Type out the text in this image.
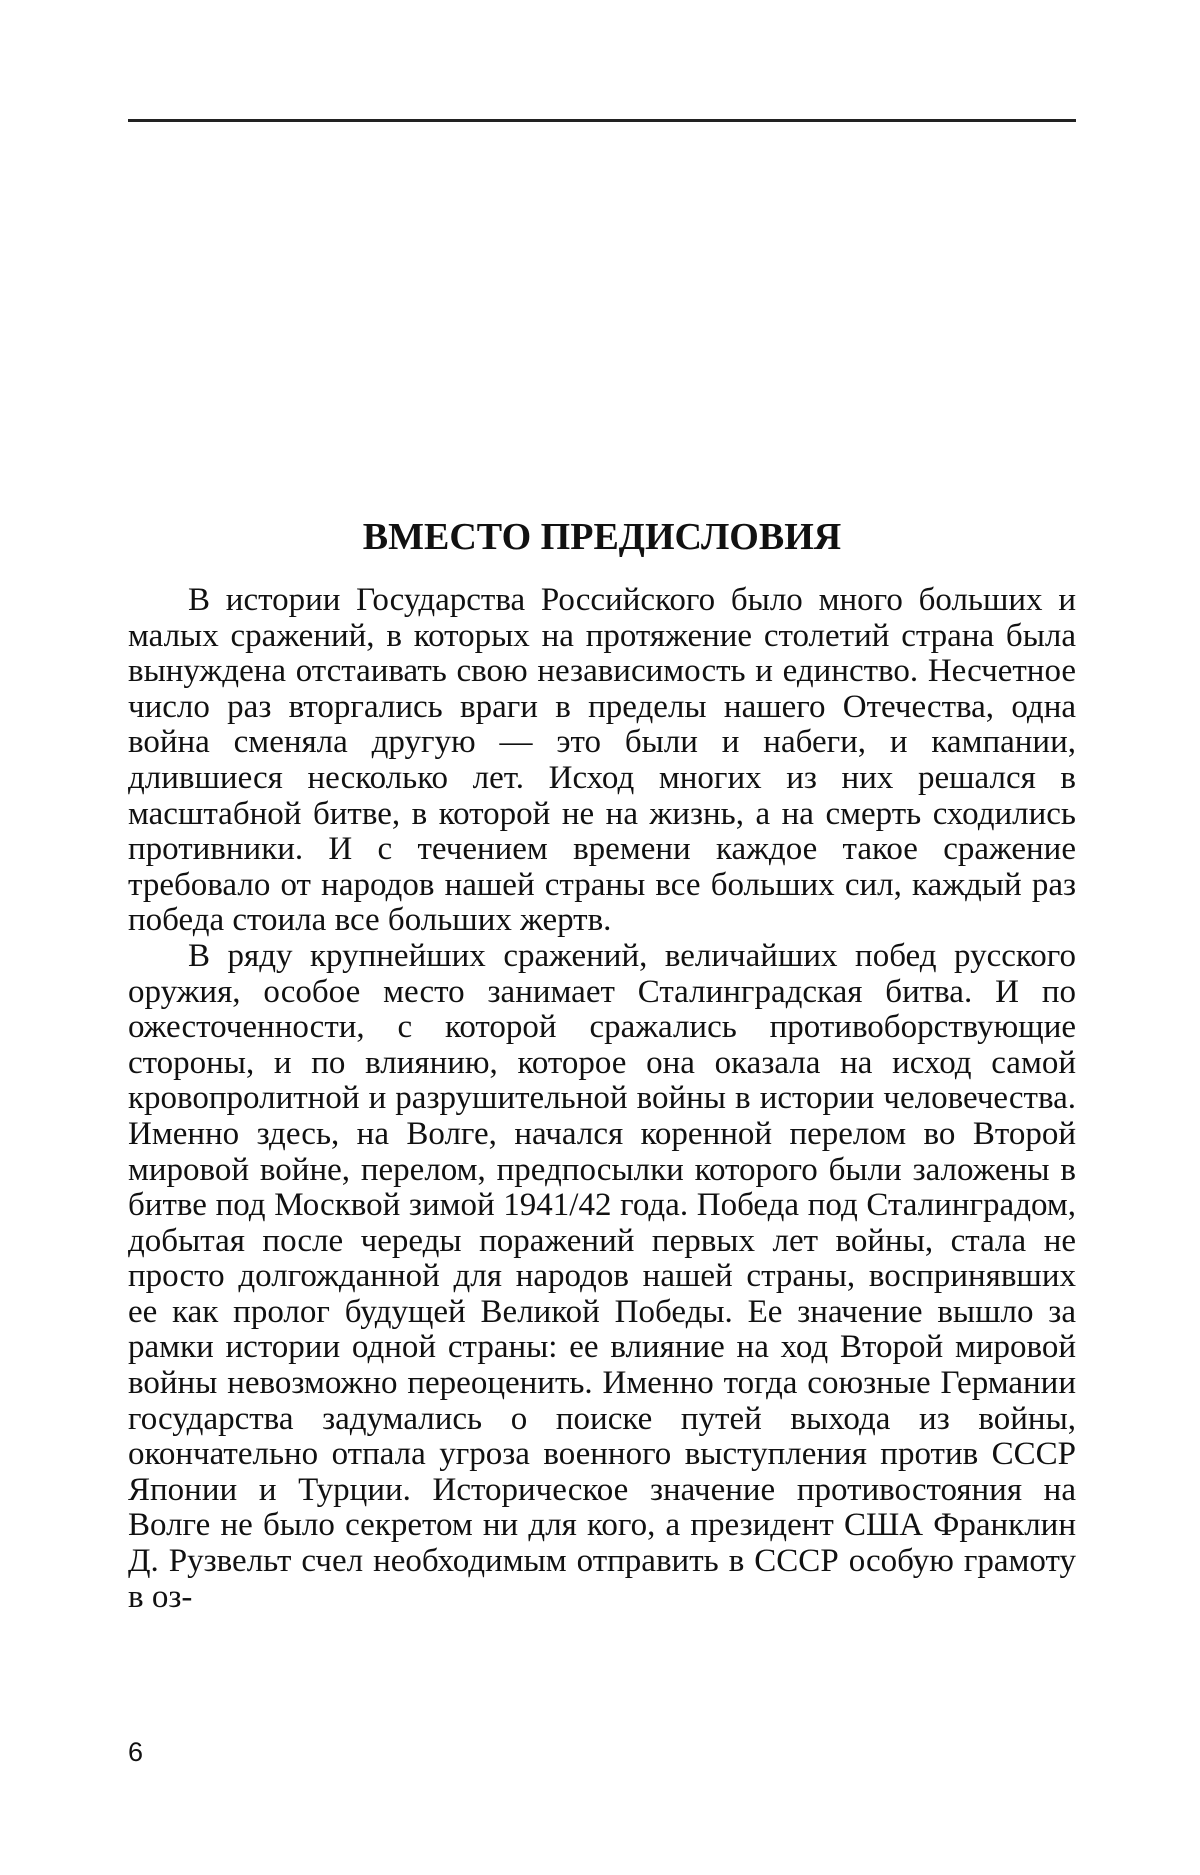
ВМЕСТО ПРЕДИСЛОВИЯ

В истории Государства Российского было много боль­ших и малых сражений, в которых на протяжение столетий страна была вынуждена отстаивать свою независимость и единство. Несчетное число раз вторгались враги в пределы нашего Отечества, одна война сменяла другую — это бы­ли и набеги, и кампании, длившиеся несколько лет. Исход многих из них решался в масштабной битве, в которой не на жизнь, а на смерть сходились противники. И с течением времени каждое такое сражение требовало от народов на­шей страны все больших сил, каждый раз победа стоила все больших жертв.

В ряду крупнейших сражений, величайших побед рус­ского оружия, особое место занимает Сталинградская бит­ва. И по ожесточенности, с которой сражались противо­борствующие стороны, и по влиянию, которое она оказала на исход самой кровопролитной и разрушительной войны в истории человечества. Именно здесь, на Волге, начался ко­ренной перелом во Второй мировой войне, перелом, пред­посылки которого были заложены в битве под Москвой зимой 1941/42 года. Победа под Сталинградом, добытая после череды поражений первых лет войны, стала не прос­то долгожданной для народов нашей страны, восприняв­ших ее как пролог будущей Великой Победы. Ее значение вышло за рамки истории одной страны: ее влияние на ход Второй мировой войны невозможно переоценить. Именно тогда союзные Германии государства задумались о поиске путей выхода из войны, окончательно отпала угроза воен­ного выступления против СССР Японии и Турции. Исто­рическое значение противостояния на Волге не было сек­ретом ни для кого, а президент США Франклин Д. Рузвельт счел необходимым отправить в СССР особую грамоту в оз-

6
